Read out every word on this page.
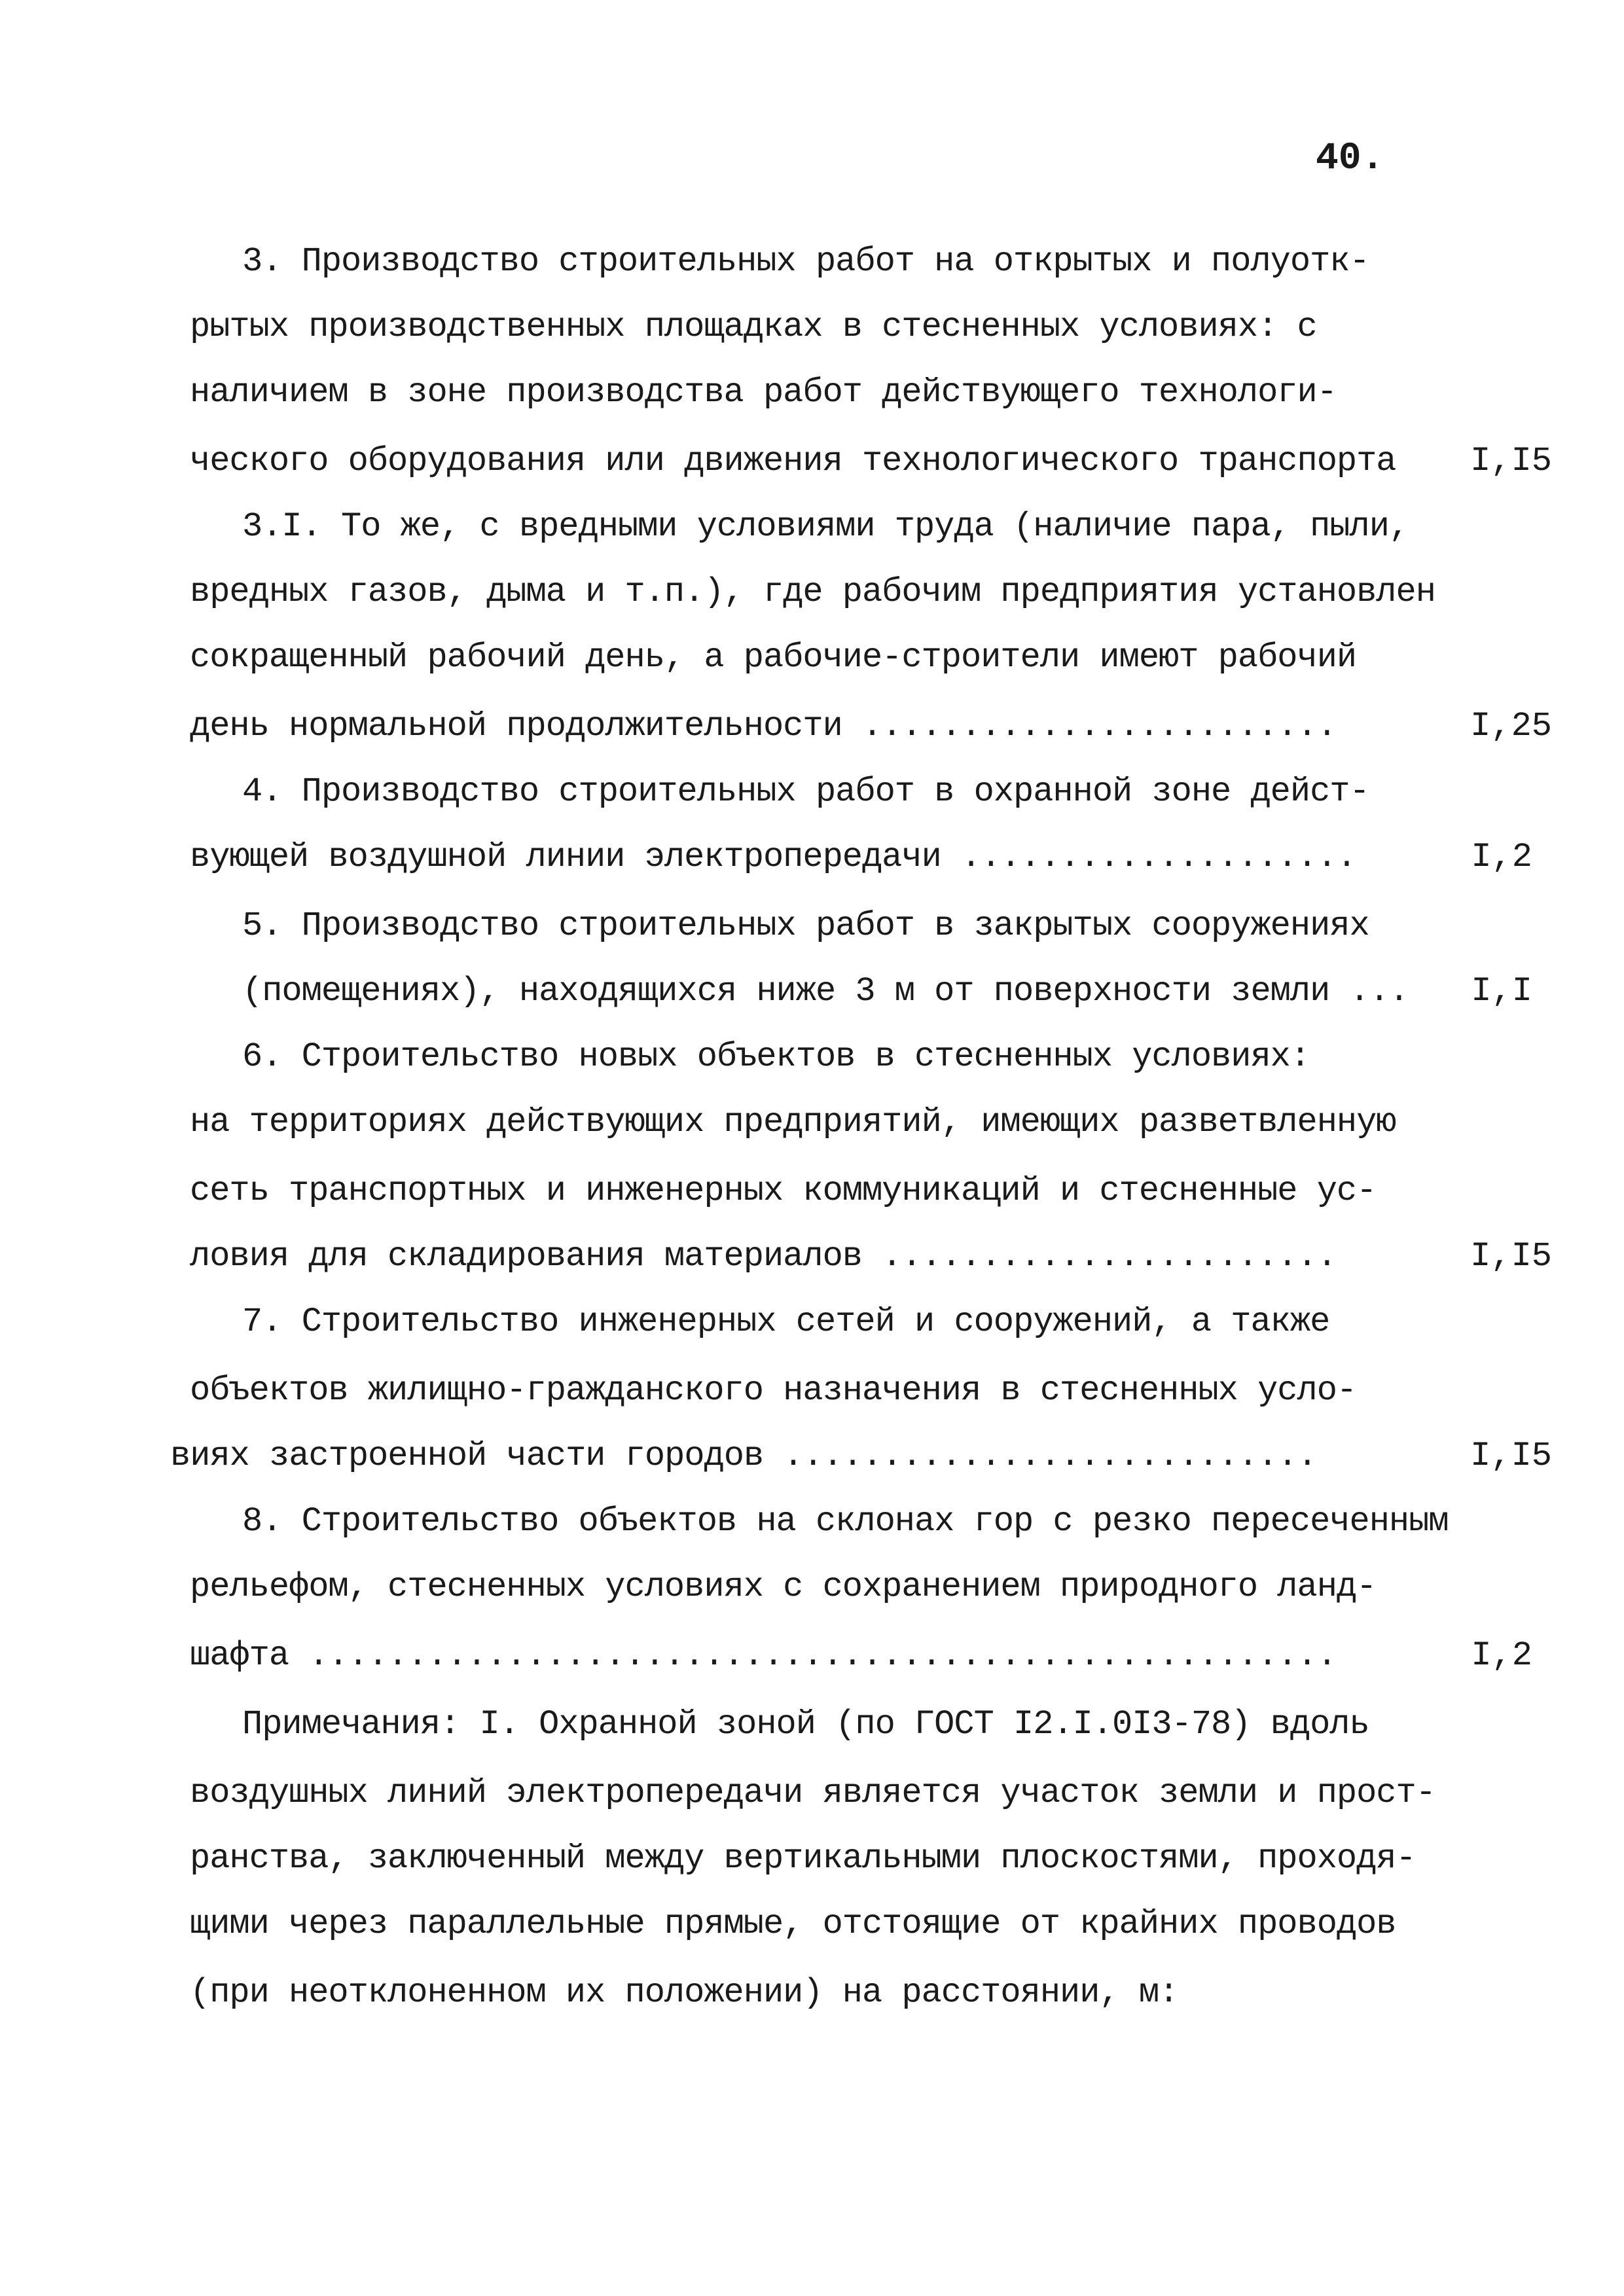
40.
3. Производство строительных работ на открытых и полуотк-
рытых производственных площадках в стесненных условиях: с
наличием в зоне производства работ действующего технологи-
ческого оборудования или движения технологического транспорта I,I5
3.I. То же, с вредными условиями труда (наличие пара, пыли,
вредных газов, дыма и т.п.), где рабочим предприятия установлен
сокращенный рабочий день, а рабочие-строители имеют рабочий
день нормальной продолжительности ........................	I,25
4. Производство строительных работ в охранной зоне дейст-
вующей воздушной линии электропередачи ....................	I,2
5. Производство строительных работ в закрытых сооружениях
(помещениях), находящихся ниже 3 м от поверхности земли ... I,I
6. Строительство новых объектов в стесненных условиях:
на территориях действующих предприятий, имеющих разветвленную
сеть транспортных и инженерных коммуникаций и стесненные ус-
ловия для складирования материалов .......................	I,I5
7. Строительство инженерных сетей и сооружений, а также
объектов жилищно-гражданского назначения в стесненных усло-
виях застроенной части городов ...........................	I,I5
8. Строительство объектов на склонах гор с резко пересеченным
рельефом, стесненных условиях с сохранением природного ланд-
шафта ....................................................	I,2
Примечания: I. Охранной зоной (по ГОСТ I2.I.0I3-78) вдоль
воздушных линий электропередачи является участок земли и прост-
ранства, заключенный между вертикальными плоскостями, проходя-
щими через параллельные прямые, отстоящие от крайних проводов
(при неотклоненном их положении) на расстоянии, м:
